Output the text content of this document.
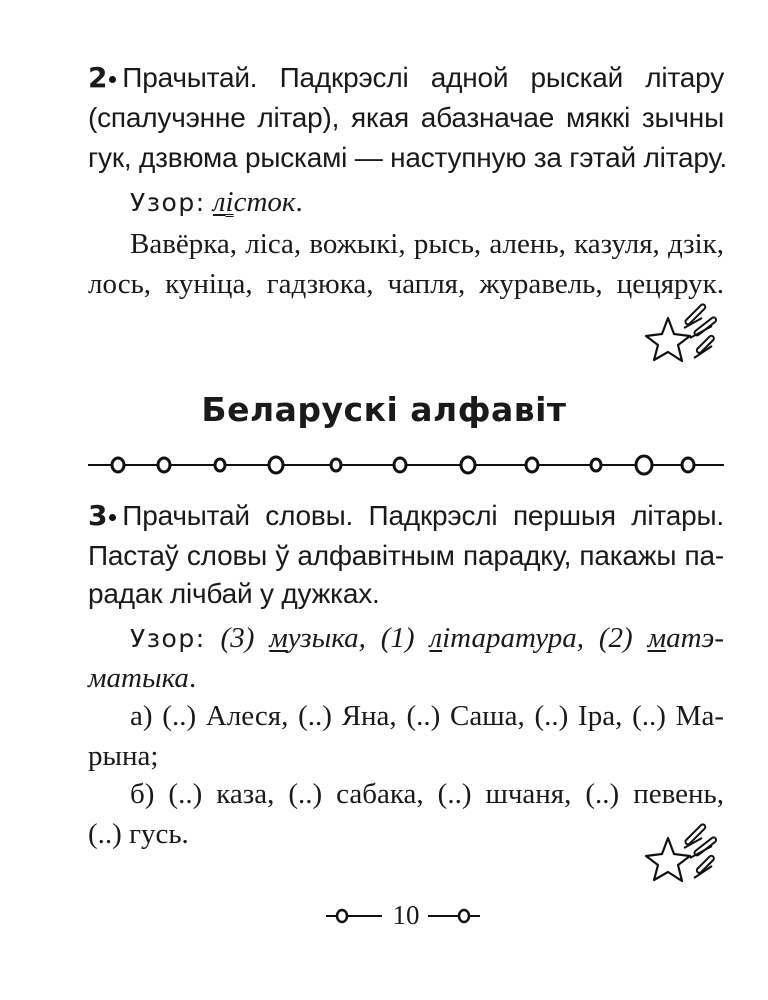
2 Прачытай. Падкрэслі адной рыскай літару
(спалучэнне літар), якая абазначае мяккі зычны
гук, дзвюма рыскамі — наступную за гэтай літару.
Узор: лісток.
Вавёрка, ліса, вожыкі, рысь, алень, казуля, дзік,
лось, куніца, гадзюка, чапля, журавель, цецярук.
Беларускі алфавіт
3 Прачытай словы. Падкрэслі першыя літары.
Пастаў словы ў алфавітным парадку, пакажы па-
радак лічбай у дужках.
Узор: (3) музыка, (1) літаратура, (2) матэ-
матыка.
а) (..) Алеся, (..) Яна, (..) Саша, (..) Іра, (..) Ма-
рына;
б) (..) каза, (..) сабака, (..) шчаня, (..) певень,
(..) гусь.
10
